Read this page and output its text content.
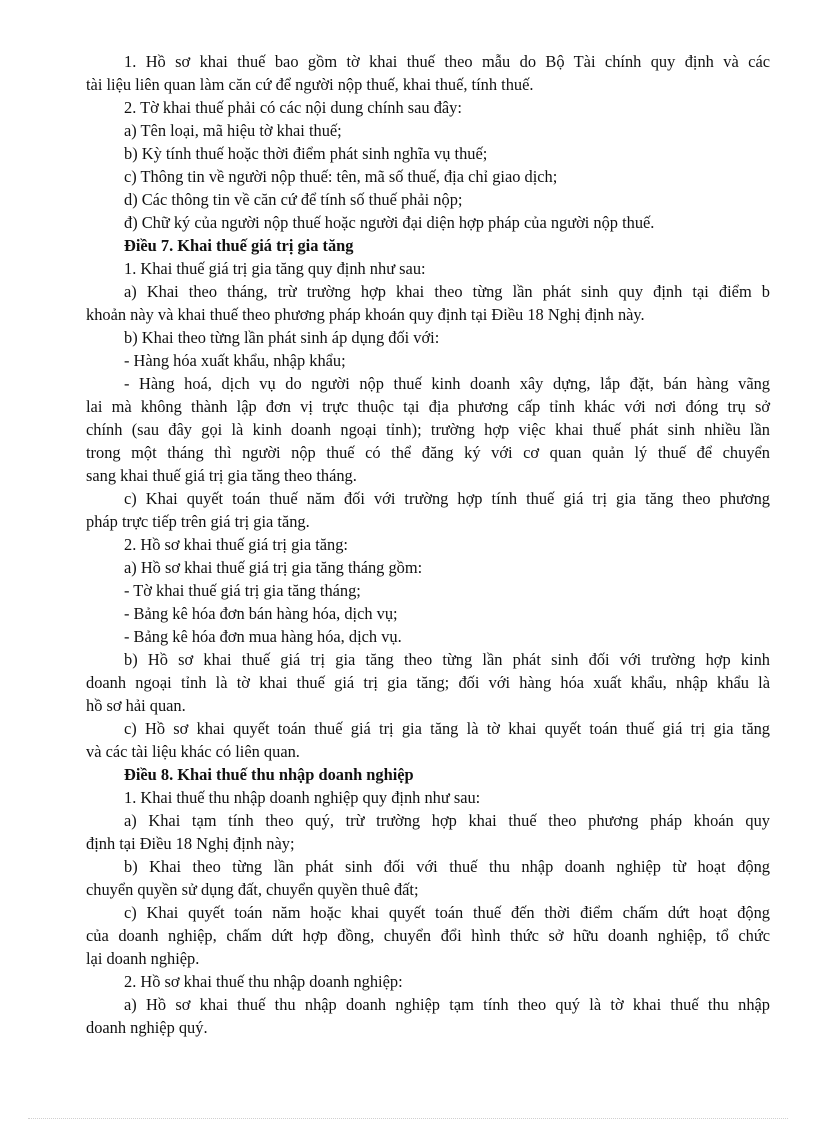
1. Hồ sơ khai thuế bao gồm tờ khai thuế theo mẫu do Bộ Tài chính quy định và các
tài liệu liên quan làm căn cứ để người nộp thuế, khai thuế, tính thuế.
2. Tờ khai thuế phải có các nội dung chính sau đây:
a) Tên loại, mã hiệu tờ khai thuế;
b) Kỳ tính thuế hoặc thời điểm phát sinh nghĩa vụ thuế;
c) Thông tin về người nộp thuế: tên, mã số thuế, địa chỉ giao dịch;
d) Các thông tin về căn cứ để tính số thuế phải nộp;
đ) Chữ ký của người nộp thuế hoặc người đại diện hợp pháp của người nộp thuế.
Điều 7. Khai thuế giá trị gia tăng
1. Khai thuế giá trị gia tăng quy định như sau:
a) Khai theo tháng, trừ trường hợp khai theo từng lần phát sinh quy định tại điểm b
khoản này và khai thuế theo phương pháp khoán quy định tại Điều 18 Nghị định này.
b) Khai theo từng lần phát sinh áp dụng đối với:
- Hàng hóa xuất khẩu, nhập khẩu;
- Hàng hoá, dịch vụ do người nộp thuế kinh doanh xây dựng, lắp đặt, bán hàng vãng
lai mà không thành lập đơn vị trực thuộc tại địa phương cấp tỉnh khác với nơi đóng trụ sở
chính (sau đây gọi là kinh doanh ngoại tỉnh); trường hợp việc khai thuế phát sinh nhiều lần
trong một tháng thì người nộp thuế có thể đăng ký với cơ quan quản lý thuế để chuyển
sang khai thuế giá trị gia tăng theo tháng.
c) Khai quyết toán thuế năm đối với trường hợp tính thuế giá trị gia tăng theo phương
pháp trực tiếp trên giá trị gia tăng.
2. Hồ sơ khai thuế giá trị gia tăng:
a) Hồ sơ khai thuế giá trị gia tăng tháng gồm:
- Tờ khai thuế giá trị gia tăng tháng;
- Bảng kê hóa đơn bán hàng hóa, dịch vụ;
- Bảng kê hóa đơn mua hàng hóa, dịch vụ.
b) Hồ sơ khai thuế giá trị gia tăng theo từng lần phát sinh đối với trường hợp kinh
doanh ngoại tỉnh là tờ khai thuế giá trị gia tăng; đối với hàng hóa xuất khẩu, nhập khẩu là
hồ sơ hải quan.
c) Hồ sơ khai quyết toán thuế giá trị gia tăng là tờ khai quyết toán thuế giá trị gia tăng
và các tài liệu khác có liên quan.
Điều 8. Khai thuế thu nhập doanh nghiệp
1. Khai thuế thu nhập doanh nghiệp quy định như sau:
a) Khai tạm tính theo quý, trừ trường hợp khai thuế theo phương pháp khoán quy
định tại Điều 18 Nghị định này;
b) Khai theo từng lần phát sinh đối với thuế thu nhập doanh nghiệp từ hoạt động
chuyển quyền sử dụng đất, chuyển quyền thuê đất;
c) Khai quyết toán năm hoặc khai quyết toán thuế đến thời điểm chấm dứt hoạt động
của doanh nghiệp, chấm dứt hợp đồng, chuyển đổi hình thức sở hữu doanh nghiệp, tổ chức
lại doanh nghiệp.
2. Hồ sơ khai thuế thu nhập doanh nghiệp:
a) Hồ sơ khai thuế thu nhập doanh nghiệp tạm tính theo quý là tờ khai thuế thu nhập
doanh nghiệp quý.
